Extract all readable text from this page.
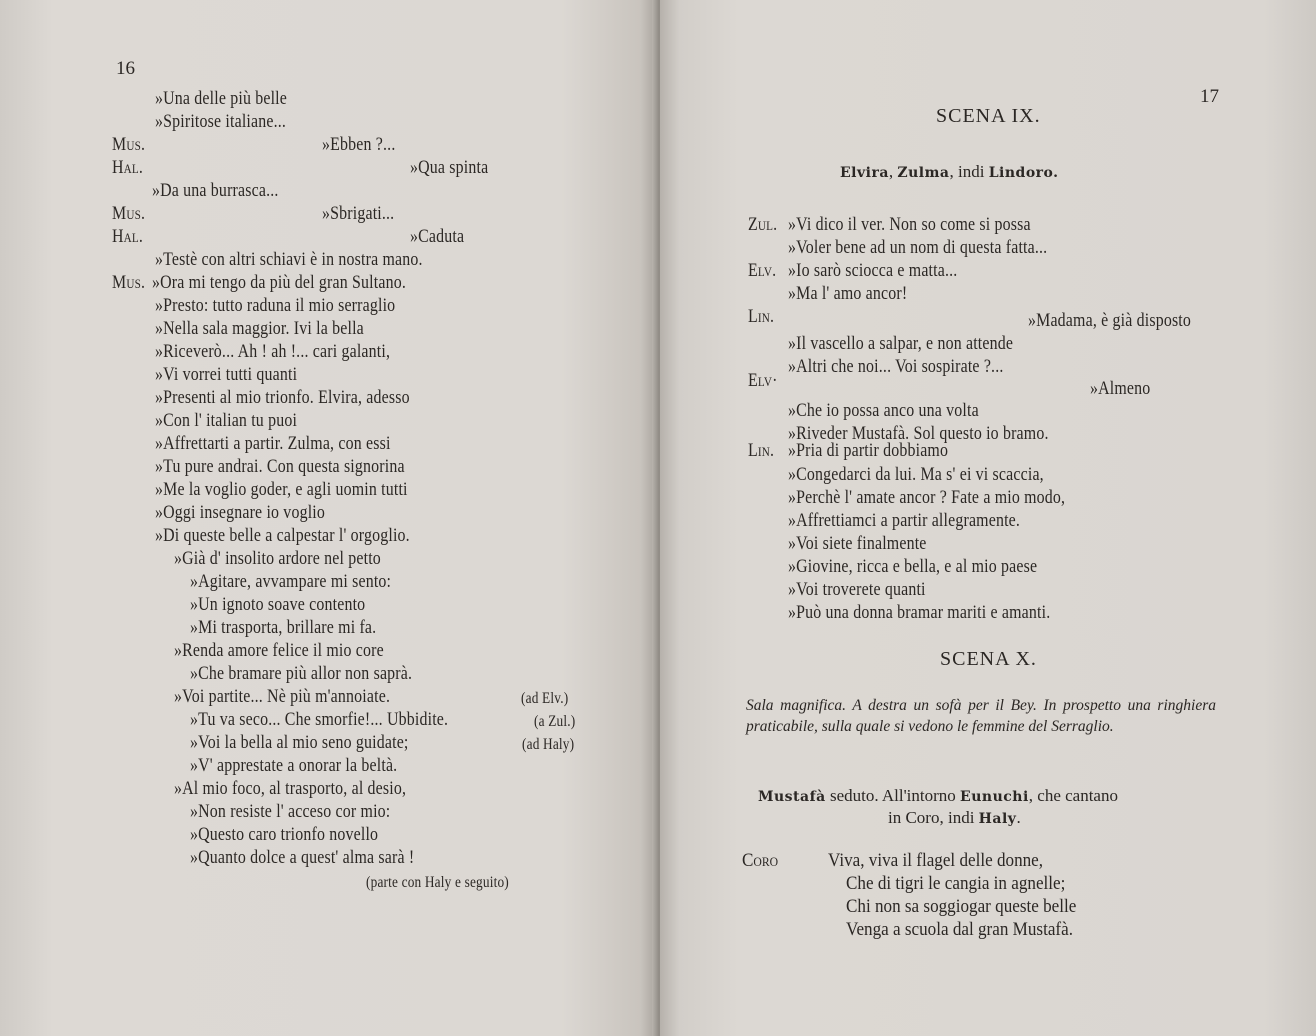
16
»Una delle più belle
»Spiritose italiane...
Mus.	»Ebben ?...
Hal.	»Qua spinta
»Da una burrasca...
Mus.	»Sbrigati...
Hal.	»Caduta
»Testè con altri schiavi è in nostra mano.
Mus. »Ora mi tengo da più del gran Sultano.
»Presto: tutto raduna il mio serraglio
»Nella sala maggior. Ivi la bella
»Riceverò... Ah ! ah !... cari galanti,
»Vi vorrei tutti quanti
»Presenti al mio trionfo. Elvira, adesso
»Con l' italian tu puoi
»Affrettarti a partir. Zulma, con essi
»Tu pure andrai. Con questa signorina
»Me la voglio goder, e agli uomin tutti
»Oggi insegnare io voglio
»Di queste belle a calpestar l' orgoglio.
»Già d' insolito ardore nel petto
»Agitare, avvampare mi sento:
»Un ignoto soave contento
»Mi trasporta, brillare mi fa.
»Renda amore felice il mio core
»Che bramare più allor non saprà.
»Voi partite... Nè più m'annoiate.	(ad Elv.)
»Tu va seco... Che smorfie!... Ubbidite.	(a Zul.)
»Voi la bella al mio seno guidate;	(ad Haly)
»V' apprestate a onorar la beltà.
»Al mio foco, al trasporto, al desio,
»Non resiste l' acceso cor mio:
»Questo caro trionfo novello
»Quanto dolce a quest' alma sarà !
(parte con Haly e seguito)
17
SCENA IX.
Elvira, Zulma, indi Lindoro.
Zul. »Vi dico il ver. Non so come si possa
»Voler bene ad un nom di questa fatta...
Elv. »Io sarò sciocca e matta...
»Ma l' amo ancor!
Lin.	»Madama, è già disposto
»Il vascello a salpar, e non attende
»Altri che noi... Voi sospirate ?...
Elv·	»Almeno
»Che io possa anco una volta
»Riveder Mustafà. Sol questo io bramo.
Lin. »Pria di partir dobbiamo
»Congedarci da lui. Ma s' ei vi scaccia,
»Perchè l' amate ancor ? Fate a mio modo,
»Affrettiamci a partir allegramente.
»Voi siete finalmente
»Giovine, ricca e bella, e al mio paese
»Voi troverete quanti
»Può una donna bramar mariti e amanti.
SCENA X.
Sala magnifica. A destra un sofà per il Bey. In prospetto una ringhiera praticabile, sulla quale si vedono le femmine del Serraglio.
Mustafà seduto. All'intorno Eunuchi, che cantano
in Coro, indi Haly.
Coro	Viva, viva il flagel delle donne,
Che di tigri le cangia in agnelle;
Chi non sa soggiogar queste belle
Venga a scuola dal gran Mustafà.
